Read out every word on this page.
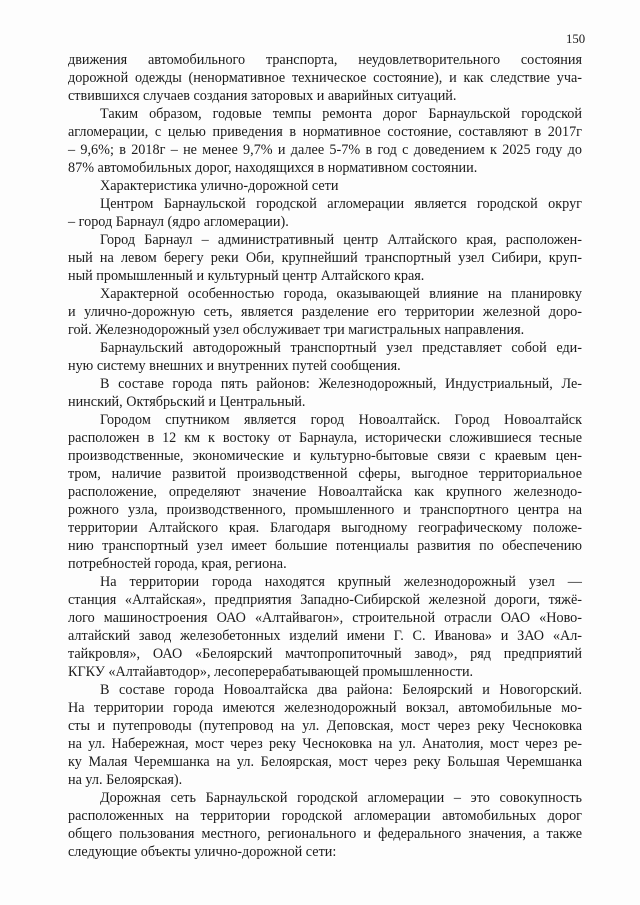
150
движения автомобильного транспорта, неудовлетворительного состояния
дорожной одежды (ненормативное техническое состояние), и как следствие уча-
ствившихся случаев создания заторовых и аварийных ситуаций.
Таким образом, годовые темпы ремонта дорог Барнаульской городской
агломерации, с целью приведения в нормативное состояние, составляют в 2017г
– 9,6%; в 2018г – не менее 9,7% и далее 5-7% в год с доведением к 2025 году до
87% автомобильных дорог, находящихся в нормативном состоянии.
Характеристика улично-дорожной сети
Центром Барнаульской городской агломерации является городской округ
– город Барнаул (ядро агломерации).
Город Барнаул – административный центр Алтайского края, расположен-
ный на левом берегу реки Оби, крупнейший транспортный узел Сибири, круп-
ный промышленный и культурный центр Алтайского края.
Характерной особенностью города, оказывающей влияние на планировку
и улично-дорожную сеть, является разделение его территории железной доро-
гой. Железнодорожный узел обслуживает три магистральных направления.
Барнаульский автодорожный транспортный узел представляет собой еди-
ную систему внешних и внутренних путей сообщения.
В составе города пять районов: Железнодорожный, Индустриальный, Ле-
нинский, Октябрьский и Центральный.
Городом спутником является город Новоалтайск. Город Новоалтайск
расположен в 12 км к востоку от Барнаула, исторически сложившиеся тесные
производственные, экономические и культурно-бытовые связи с краевым цен-
тром, наличие развитой производственной сферы, выгодное территориальное
расположение, определяют значение Новоалтайска как крупного железнодо-
рожного узла, производственного, промышленного и транспортного центра на
территории Алтайского края. Благодаря выгодному географическому положе-
нию транспортный узел имеет большие потенциалы развития по обеспечению
потребностей города, края, региона.
На территории города находятся крупный железнодорожный узел —
станция «Алтайская», предприятия Западно-Сибирской железной дороги, тяжё-
лого машиностроения ОАО «Алтайвагон», строительной отрасли ОАО «Ново-
алтайский завод железобетонных изделий имени Г. С. Иванова» и ЗАО «Ал-
тайкровля», ОАО «Белоярский мачтопропиточный завод», ряд предприятий
КГКУ «Алтайавтодор», лесоперерабатывающей промышленности.
В составе города Новоалтайска два района: Белоярский и Новогорский.
На территории города имеются железнодорожный вокзал, автомобильные мо-
сты и путепроводы (путепровод на ул. Деповская, мост через реку Чесноковка
на ул. Набережная, мост через реку Чесноковка на ул. Анатолия, мост через ре-
ку Малая Черемшанка на ул. Белоярская, мост через реку Большая Черемшанка
на ул. Белоярская).
Дорожная сеть Барнаульской городской агломерации – это совокупность
расположенных на территории городской агломерации автомобильных дорог
общего пользования местного, регионального и федерального значения, а также
следующие объекты улично-дорожной сети:
